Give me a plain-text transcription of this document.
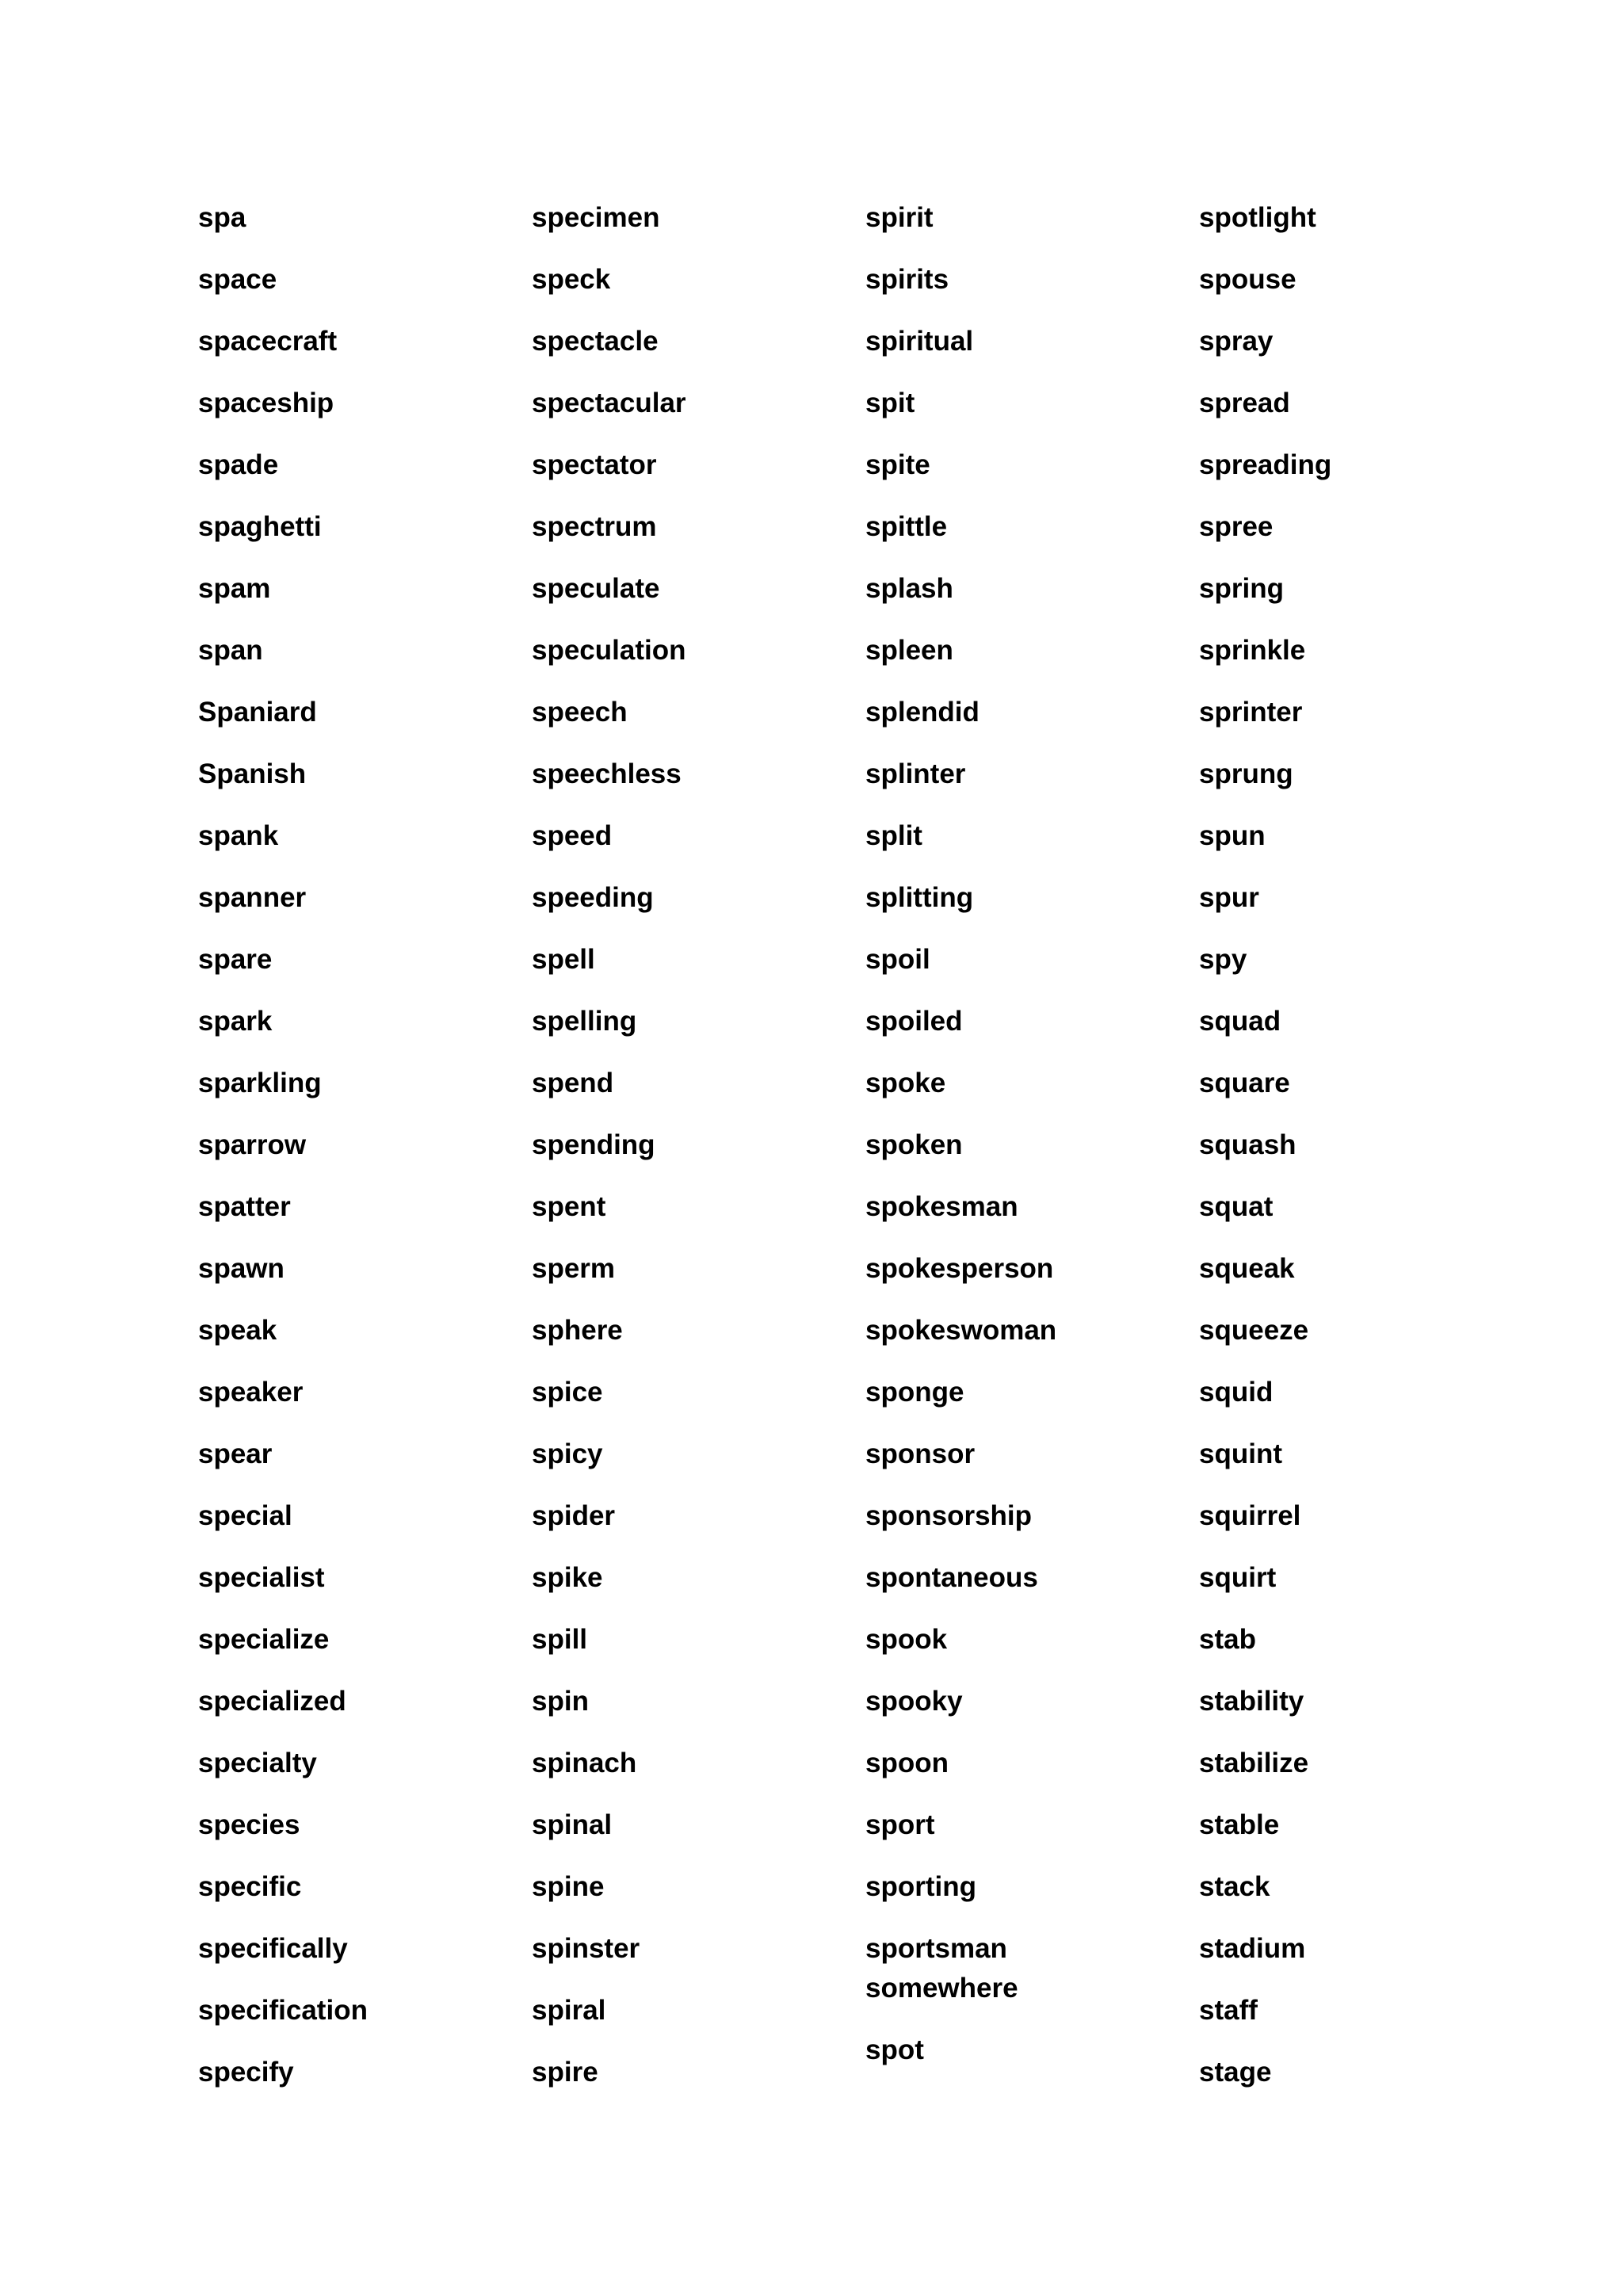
spa
space
spacecraft
spaceship
spade
spaghetti
spam
span
Spaniard
Spanish
spank
spanner
spare
spark
sparkling
sparrow
spatter
spawn
speak
speaker
spear
special
specialist
specialize
specialized
specialty
species
specific
specifically
specification
specify
specimen
speck
spectacle
spectacular
spectator
spectrum
speculate
speculation
speech
speechless
speed
speeding
spell
spelling
spend
spending
spent
sperm
sphere
spice
spicy
spider
spike
spill
spin
spinach
spinal
spine
spinster
spiral
spire
spirit
spirits
spiritual
spit
spite
spittle
splash
spleen
splendid
splinter
split
splitting
spoil
spoiled
spoke
spoken
spokesman
spokesperson
spokeswoman
sponge
sponsor
sponsorship
spontaneous
spook
spooky
spoon
sport
sporting
sportsman
somewhere
spot
spotlight
spouse
spray
spread
spreading
spree
spring
sprinkle
sprinter
sprung
spun
spur
spy
squad
square
squash
squat
squeak
squeeze
squid
squint
squirrel
squirt
stab
stability
stabilize
stable
stack
stadium
staff
stage
